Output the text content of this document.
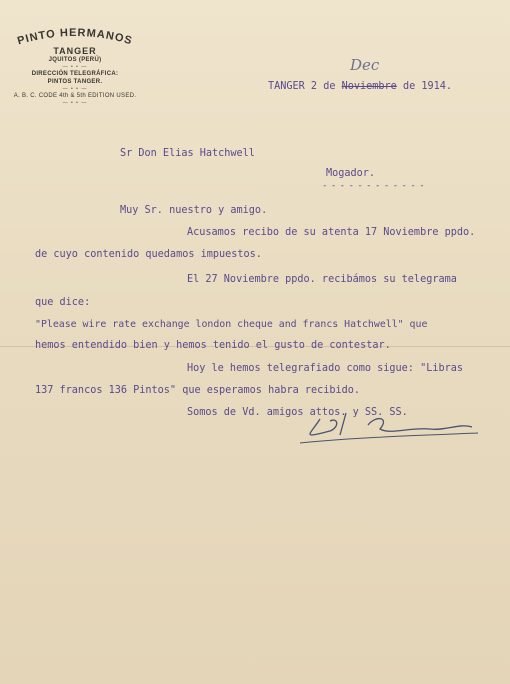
PINTO HERMANOS
TANGER
JQUITOS (PERÚ)
— • • —
DIRECCIÓN TELEGRÁFICA:
PINTOS TANGER.
— • • —
A. B. C. CODE 4th & 5th EDITION USED.
— • • —
Dec
TANGER 2 de Noviembre de 1914.
Sr Don Elias Hatchwell
Mogador.
- - - - - - - - - - - -
Muy Sr. nuestro y amigo.
Acusamos recibo de su atenta 17 Noviembre ppdo.
de cuyo contenido quedamos impuestos.
El 27 Noviembre ppdo. recibámos su telegrama
que dice:
"Please wire rate exchange london cheque and francs Hatchwell" que
hemos entendido bien y hemos tenido el gusto de contestar.
Hoy le hemos telegrafiado como sigue: "Libras
137 francos 136 Pintos" que esperamos habra recibido.
Somos de Vd. amigos attos. y SS. SS.
